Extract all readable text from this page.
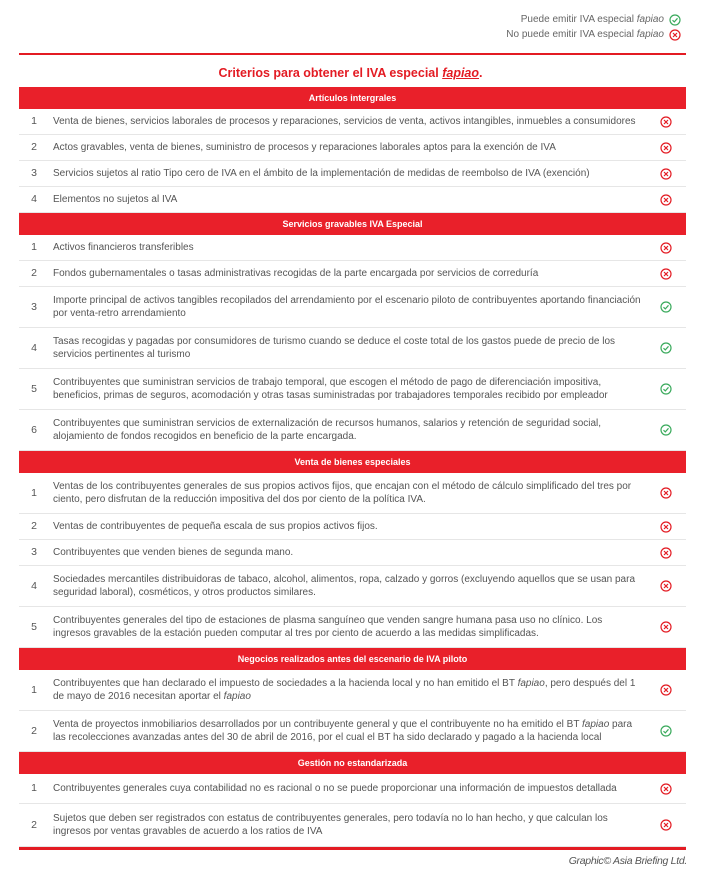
Puede emitir IVA especial fapiao
No puede emitir IVA especial fapiao
Criterios para obtener el IVA especial fapiao.
Artículos intergrales
1	Venta de bienes, servicios laborales de procesos y reparaciones, servicios de venta, activos intangibles, inmuebles a consumidores
2	Actos gravables, venta de bienes, suministro de procesos y reparaciones laborales aptos para la exención de IVA
3	Servicios sujetos al ratio Tipo cero de IVA en el ámbito de la implementación de medidas de reembolso de IVA (exención)
4	Elementos no sujetos al IVA
Servicios gravables IVA Especial
1	Activos financieros transferibles
2	Fondos gubernamentales o tasas administrativas recogidas de la parte encargada por servicios de correduría
3	Importe principal de activos tangibles recopilados del arrendamiento por el escenario piloto de contribuyentes aportando financiación por venta-retro arrendamiento
4	Tasas recogidas y pagadas por consumidores de turismo cuando se deduce el coste total de los gastos puede de precio de los servicios pertinentes al turismo
5	Contribuyentes que suministran servicios de trabajo temporal, que escogen el método de pago de diferenciación impositiva, beneficios, primas de seguros, acomodación y otras tasas suministradas por trabajadores temporales recibido por empleador
6	Contribuyentes que suministran servicios de externalización de recursos humanos, salarios y retención de seguridad social, alojamiento de fondos recogidos en beneficio de la parte encargada.
Venta de bienes especiales
1	Ventas de los contribuyentes generales de sus propios activos fijos, que encajan con el método de cálculo simplificado del tres por ciento, pero disfrutan de la reducción impositiva del dos por ciento de la política IVA.
2	Ventas de contribuyentes de pequeña escala de sus propios activos fijos.
3	Contribuyentes que venden bienes de segunda mano.
4	Sociedades mercantiles distribuidoras de tabaco, alcohol, alimentos, ropa, calzado y gorros (excluyendo aquellos que se usan para seguridad laboral), cosméticos, y otros productos similares.
5	Contribuyentes generales del tipo de estaciones de plasma sanguíneo que venden sangre humana pasa uso no clínico. Los ingresos gravables de la estación pueden computar al tres por ciento de acuerdo a las medidas simplificadas.
Negocios realizados antes del escenario de IVA piloto
1	Contribuyentes que han declarado el impuesto de sociedades a la hacienda local y no han emitido el BT fapiao, pero después del 1 de mayo de 2016 necesitan aportar el fapiao
2	Venta de proyectos inmobiliarios desarrollados por un contribuyente general y que el contribuyente no ha emitido el BT fapiao para las recolecciones avanzadas antes del 30 de abril de 2016, por el cual el BT ha sido declarado y pagado a la hacienda local
Gestión no estandarizada
1	Contribuyentes generales cuya contabilidad no es racional o no se puede proporcionar una información de impuestos detallada
2	Sujetos que deben ser registrados con estatus de contribuyentes generales, pero todavía no lo han hecho, y que calculan los ingresos por ventas gravables de acuerdo a los ratios de IVA
Graphic© Asia Briefing Ltd.
